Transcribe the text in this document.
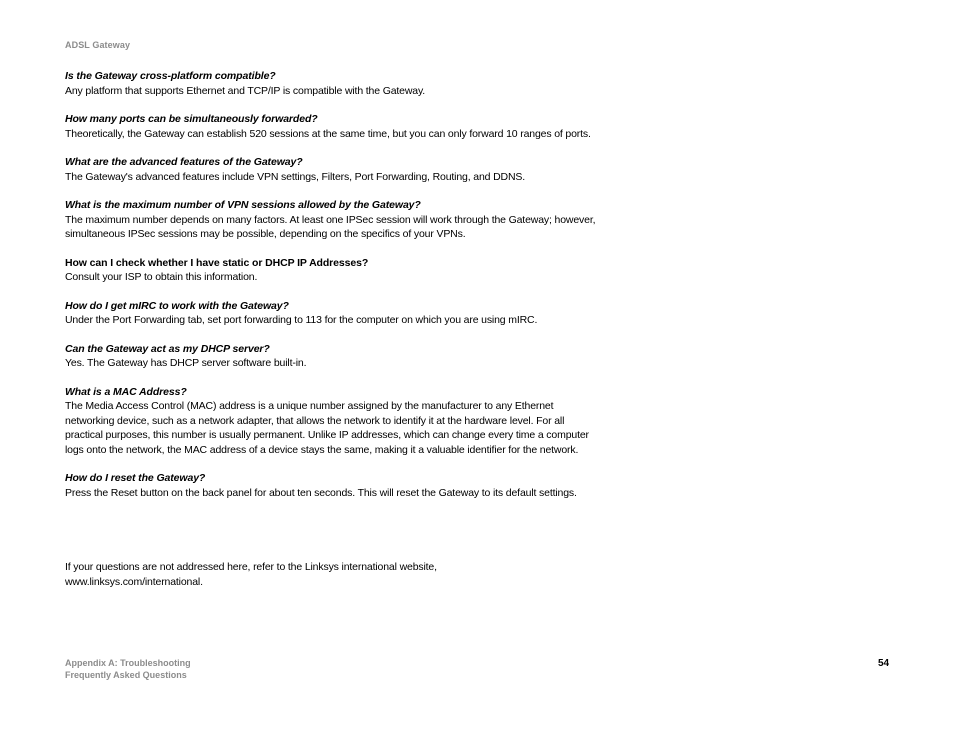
ADSL Gateway
Is the Gateway cross-platform compatible?
Any platform that supports Ethernet and TCP/IP is compatible with the Gateway.
How many ports can be simultaneously forwarded?
Theoretically, the Gateway can establish 520 sessions at the same time, but you can only forward 10 ranges of ports.
What are the advanced features of the Gateway?
The Gateway's advanced features include VPN settings, Filters, Port Forwarding, Routing, and DDNS.
What is the maximum number of VPN sessions allowed by the Gateway?
The maximum number depends on many factors. At least one IPSec session will work through the Gateway; however, simultaneous IPSec sessions may be possible, depending on the specifics of your VPNs.
How can I check whether I have static or DHCP IP Addresses?
Consult your ISP to obtain this information.
How do I get mIRC to work with the Gateway?
Under the Port Forwarding tab, set port forwarding to 113 for the computer on which you are using mIRC.
Can the Gateway act as my DHCP server?
Yes. The Gateway has DHCP server software built-in.
What is a MAC Address?
The Media Access Control (MAC) address is a unique number assigned by the manufacturer to any Ethernet networking device, such as a network adapter, that allows the network to identify it at the hardware level. For all practical purposes, this number is usually permanent. Unlike IP addresses, which can change every time a computer logs onto the network, the MAC address of a device stays the same, making it a valuable identifier for the network.
How do I reset the Gateway?
Press the Reset button on the back panel for about ten seconds. This will reset the Gateway to its default settings.
If your questions are not addressed here, refer to the Linksys international website,
www.linksys.com/international.
Appendix A: Troubleshooting
Frequently Asked Questions
54
